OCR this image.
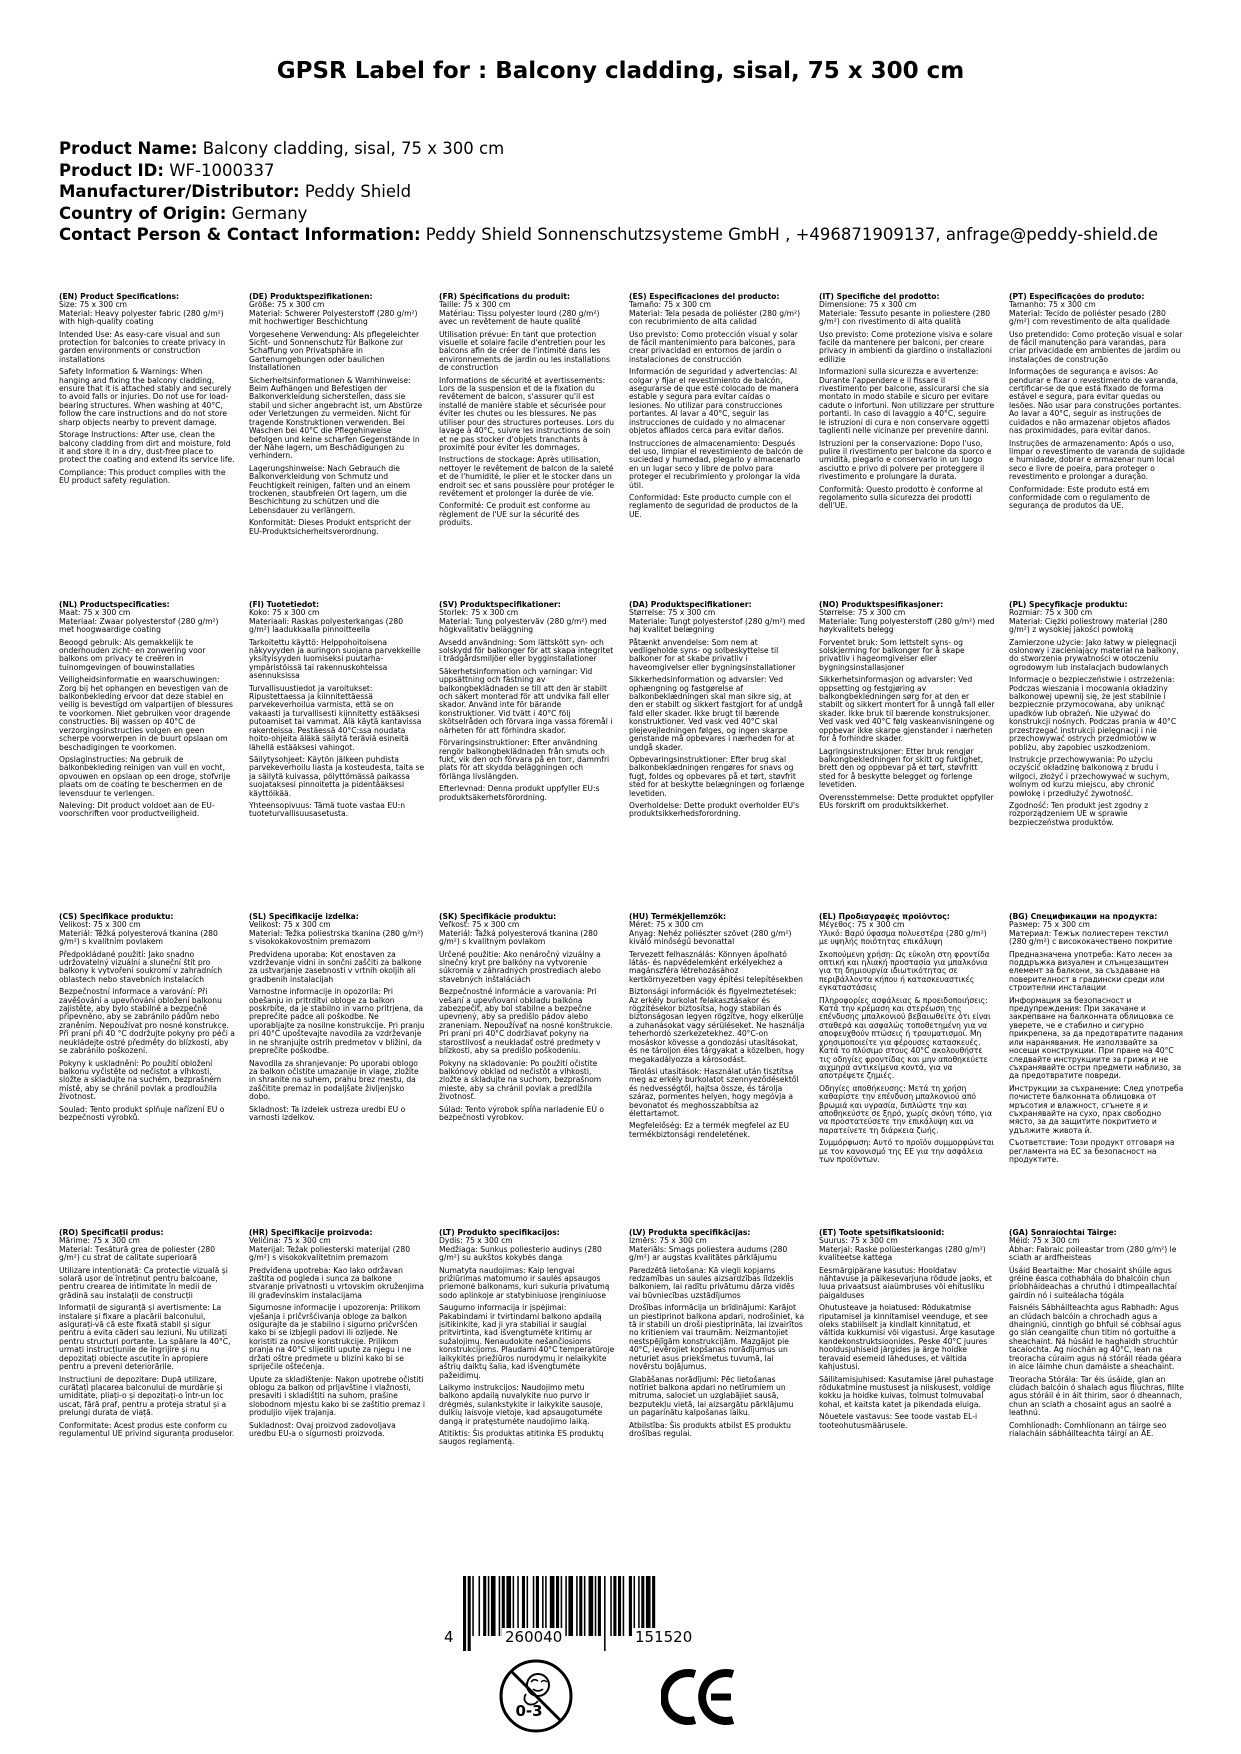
GPSR Label for : Balcony cladding, sisal, 75 x 300 cm
Product Name: Balcony cladding, sisal, 75 x 300 cm
Product ID: WF-1000337
Manufacturer/Distributor: Peddy Shield
Country of Origin: Germany
Contact Person & Contact Information: Peddy Shield Sonnenschutzsysteme GmbH , +496871909137, anfrage@peddy-shield.de
(EN) Product Specifications:
Size: 75 x 300 cm

Material: Heavy polyester fabric (280 g/m²) with high-quality coating

Intended Use: As easy-care visual and sun protection for balconies to create privacy in garden environments or construction installations

Safety Information & Warnings: When hanging and fixing the balcony cladding, ensure that it is attached stably and securely to avoid falls or injuries. Do not use for load-bearing structures. When washing at 40°C, follow the care instructions and do not store sharp objects nearby to prevent damage.

Storage Instructions: After use, clean the balcony cladding from dirt and moisture, fold it and store it in a dry, dust-free place to protect the coating and extend its service life.

Compliance: This product complies with the EU product safety regulation.

(DE) Produktspezifikationen:
Größe: 75 x 300 cm

Material: Schwerer Polyesterstoff (280 g/m²) mit hochwertiger Beschichtung

Vorgesehene Verwendung: Als pflegeleichter Sicht- und Sonnenschutz für Balkone zur Schaffung von Privatsphäre in Gartenumgebungen oder baulichen Installationen

Sicherheitsinformationen & Warnhinweise: Beim Aufhängen und Befestigen der Balkonverkleidung sicherstellen, dass sie stabil und sicher angebracht ist, um Abstürze oder Verletzungen zu vermeiden. Nicht für tragende Konstruktionen verwenden. Bei Waschen bei 40°C die Pflegehinweise befolgen und keine scharfen Gegenstände in der Nähe lagern, um Beschädigungen zu verhindern.

Lagerungshinweise: Nach Gebrauch die Balkonverkleidung von Schmutz und Feuchtigkeit reinigen, falten und an einem trockenen, staubfreien Ort lagern, um die Beschichtung zu schützen und die Lebensdauer zu verlängern.

Konformität: Dieses Produkt entspricht der EU-Produktsicherheitsverordnung.

(FR) Spécifications du produit:
Taille: 75 x 300 cm

Matériau: Tissu polyester lourd (280 g/m²) avec un revêtement de haute qualité

Utilisation prévue: En tant que protection visuelle et solaire facile d'entretien pour les balcons afin de créer de l'intimité dans les environnements de jardin ou les installations de construction

Informations de sécurité et avertissements: Lors de la suspension et de la fixation du revêtement de balcon, s'assurer qu'il est installé de manière stable et sécurisée pour éviter les chutes ou les blessures. Ne pas utiliser pour des structures porteuses. Lors du lavage à 40°C, suivre les instructions de soin et ne pas stocker d'objets tranchants à proximité pour éviter les dommages.

Instructions de stockage: Après utilisation, nettoyer le revêtement de balcon de la saleté et de l'humidité, le plier et le stocker dans un endroit sec et sans poussière pour protéger le revêtement et prolonger la durée de vie.

Conformité: Ce produit est conforme au règlement de l'UE sur la sécurité des produits.

(ES) Especificaciones del producto:
Tamaño: 75 x 300 cm

Material: Tela pesada de poliéster (280 g/m²) con recubrimiento de alta calidad

Uso previsto: Como protección visual y solar de fácil mantenimiento para balcones, para crear privacidad en entornos de jardín o instalaciones de construcción

Información de seguridad y advertencias: Al colgar y fijar el revestimiento de balcón, asegurarse de que esté colocado de manera estable y segura para evitar caídas o lesiones. No utilizar para construcciones portantes. Al lavar a 40°C, seguir las instrucciones de cuidado y no almacenar objetos afilados cerca para evitar daños.

Instrucciones de almacenamiento: Después del uso, limpiar el revestimiento de balcón de suciedad y humedad, plegarlo y almacenarlo en un lugar seco y libre de polvo para proteger el recubrimiento y prolongar la vida útil.

Conformidad: Este producto cumple con el reglamento de seguridad de productos de la UE.

(IT) Specifiche del prodotto:
Dimensione: 75 x 300 cm

Materiale: Tessuto pesante in poliestere (280 g/m²) con rivestimento di alta qualità

Uso previsto: Come protezione visiva e solare facile da mantenere per balconi, per creare privacy in ambienti da giardino o installazioni edilizie

Informazioni sulla sicurezza e avvertenze: Durante l'appendere e il fissare il rivestimento per balcone, assicurarsi che sia montato in modo stabile e sicuro per evitare cadute o infortuni. Non utilizzare per strutture portanti. In caso di lavaggio a 40°C, seguire le istruzioni di cura e non conservare oggetti taglienti nelle vicinanze per prevenire danni.

Istruzioni per la conservazione: Dopo l'uso, pulire il rivestimento per balcone da sporco e umidità, piegarlo e conservarlo in un luogo asciutto e privo di polvere per proteggere il rivestimento e prolungare la durata.

Conformità: Questo prodotto è conforme al regolamento sulla sicurezza dei prodotti dell'UE.

(PT) Especificações do produto:
Tamanho: 75 x 300 cm

Material: Tecido de poliéster pesado (280 g/m²) com revestimento de alta qualidade

Uso pretendido: Como proteção visual e solar de fácil manutenção para varandas, para criar privacidade em ambientes de jardim ou instalações de construção

Informações de segurança e avisos: Ao pendurar e fixar o revestimento de varanda, certificar-se de que está fixado de forma estável e segura, para evitar quedas ou lesões. Não usar para construções portantes. Ao lavar a 40°C, seguir as instruções de cuidados e não armazenar objetos afiados nas proximidades, para evitar danos.

Instruções de armazenamento: Após o uso, limpar o revestimento de varanda de sujidade e humidade, dobrar e armazenar num local seco e livre de poeira, para proteger o revestimento e prolongar a duração.

Conformidade: Este produto está em conformidade com o regulamento de segurança de produtos da UE.

(NL) Productspecificaties:
Maat: 75 x 300 cm

Materiaal: Zwaar polyesterstof (280 g/m²) met hoogwaardige coating

Beoogd gebruik: Als gemakkelijk te onderhouden zicht- en zonwering voor balkons om privacy te creëren in tuinomgevingen of bouwinstallaties

Veiligheidsinformatie en waarschuwingen: Zorg bij het ophangen en bevestigen van de balkonbekleding ervoor dat deze stabiel en veilig is bevestigd om valpartijen of blessures te voorkomen. Niet gebruiken voor dragende constructies. Bij wassen op 40°C de verzorgingsinstructies volgen en geen scherpe voorwerpen in de buurt opslaan om beschadigingen te voorkomen.

Opslaginstructies: Na gebruik de balkonbekleding reinigen van vuil en vocht, opvouwen en opslaan op een droge, stofvrije plaats om de coating te beschermen en de levensduur te verlengen.

Naleving: Dit product voldoet aan de EU-voorschriften voor productveiligheid.

(FI) Tuotetiedot:
Koko: 75 x 300 cm

Materiaali: Raskas polyesterkangas (280 g/m²) laadukkaalla pinnoitteella

Tarkoitettu käyttö: Helppohoitoisena näkyvyyden ja auringon suojana parvekkeille yksityisyyden luomiseksi puutarha-ympäristöissä tai rakennuskohteissa asennuksissa

Turvallisuustiedot ja varoitukset: Ripustettaessa ja kiinnitettäessä parvekeverhoilua varmista, että se on vakaasti ja turvallisesti kiinnitetty estääksesi putoamiset tai vammat. Älä käytä kantavissa rakenteissa. Pestäessä 40°C:ssa noudata hoito-ohjeita äläkä säilytä teräviä esineitä lähellä estääksesi vahingot.

Säilytysohjeet: Käytön jälkeen puhdista parvekeverhoilu liasta ja kosteudesta, taita se ja säilytä kuivassa, pölyttömässä paikassa suojataksesi pinnoitetta ja pidentääksesi käyttöikää.

Yhteensopivuus: Tämä tuote vastaa EU:n tuoteturvallisuusasetusta.

(SV) Produktspecifikationer:
Storlek: 75 x 300 cm

Material: Tung polyesterväv (280 g/m²) med högkvalitativ beläggning

Avsedd användning: Som lättskött syn- och solskydd för balkonger för att skapa integritet i trädgårdsmiljöer eller bygginstallationer

Säkerhetsinformation och varningar: Vid uppsättning och fästning av balkongbeklädnaden se till att den är stabilt och säkert monterad för att undvika fall eller skador. Använd inte för bärande konstruktioner. Vid tvätt i 40°C följ skötselråden och förvara inga vassa föremål i närheten för att förhindra skador.

Förvaringsinstruktioner: Efter användning rengör balkongbeklädnaden från smuts och fukt, vik den och förvara på en torr, dammfri plats för att skydda beläggningen och förlänga livslängden.

Efterlevnad: Denna produkt uppfyller EU:s produktsäkerhetsförordning.

(DA) Produktspecifikationer:
Størrelse: 75 x 300 cm

Materiale: Tungt polyesterstof (280 g/m²) med høj kvalitet belægning

Påtænkt anvendelse: Som nem at vedligeholde syns- og solbeskyttelse til balkoner for at skabe privatliv i haveomgivelser eller bygningsinstallationer

Sikkerhedsinformation og advarsler: Ved ophængning og fastgørelse af balkonbeklædningen skal man sikre sig, at den er stabilt og sikkert fastgjort for at undgå fald eller skader. Ikke brugt til bærende konstruktioner. Ved vask ved 40°C skal plejevejledningen følges, og ingen skarpe genstande må opbevares i nærheden for at undgå skader.

Opbevaringsinstruktioner: Efter brug skal balkonbeklædningen rengøres for snavs og fugt, foldes og opbevares på et tørt, støvfrit sted for at beskytte belægningen og forlænge levetiden.

Overholdelse: Dette produkt overholder EU's produktsikkerhedsforordning.

(NO) Produktspesifikasjoner:
Størrelse: 75 x 300 cm

Materiale: Tung polyesterstoff (280 g/m²) med høykvalitets belegg

Forventet bruk: Som lettstelt syns- og solskjerming for balkonger for å skape privatliv i hageomgivelser eller bygningsinstallasjoner

Sikkerhetsinformasjon og advarsler: Ved oppsetting og festgjøring av balkongbekledningen sørg for at den er stabilt og sikkert montert for å unngå fall eller skader. Ikke bruk til bærende konstruksjoner. Ved vask ved 40°C følg vaskeanvisningene og oppbevar ikke skarpe gjenstander i nærheten for å forhindre skader.

Lagringsinstruksjoner: Etter bruk rengjør balkongbekledningen for skitt og fuktighet, brett den og oppbevar på et tørt, støvfritt sted for å beskytte belegget og forlenge levetiden.

Overensstemmelse: Dette produktet oppfyller EUs forskrift om produktsikkerhet.

(PL) Specyfikacje produktu:
Rozmiar: 75 x 300 cm

Materiał: Ciężki poliestrowy materiał (280 g/m²) z wysokiej jakości powłoką

Zamierzone użycie: Jako łatwy w pielęgnacji osłonowy i zacieniający materiał na balkony, do stworzenia prywatności w otoczeniu ogrodowym lub instalacjach budowlanych

Informacje o bezpieczeństwie i ostrzeżenia: Podczas wieszania i mocowania okładziny balkonowej upewnij się, że jest stabilnie i bezpiecznie przymocowana, aby uniknąć upadków lub obrażeń. Nie używać do konstrukcji nośnych. Podczas prania w 40°C przestrzegać instrukcji pielęgnacji i nie przechowywać ostrych przedmiotów w pobliżu, aby zapobiec uszkodzeniom.

Instrukcje przechowywania: Po użyciu oczyścić okładzinę balkonową z brudu i wilgoci, złożyć i przechowywać w suchym, wolnym od kurzu miejscu, aby chronić powłokę i przedłużyć żywotność.

Zgodność: Ten produkt jest zgodny z rozporządzeniem UE w sprawie bezpieczeństwa produktów.

(CS) Specifikace produktu:
Velikost: 75 x 300 cm

Materiál: Těžká polyesterová tkanina (280 g/m²) s kvalitním povlakem

Předpokládané použití: Jako snadno udržovatelný vizuální a sluneční štít pro balkony k vytvoření soukromí v zahradních oblastech nebo stavebních instalacích

Bezpečnostní informace a varování: Při zavěšování a upevňování obložení balkonu zajistěte, aby bylo stabilně a bezpečně připevněno, aby se zabránilo pádům nebo zraněním. Nepoužívat pro nosné konstrukce. Při praní při 40 °C dodržujte pokyny pro péči a neukládejte ostré předměty do blízkosti, aby se zabránilo poškození.

Pokyny k uskladnění: Po použití obložení balkonu vyčistěte od nečistot a vlhkosti, složte a skladujte na suchém, bezprašném místě, aby se chránil povlak a prodloužila životnost.

Soulad: Tento produkt splňuje nařízení EU o bezpečnosti výrobků.

(SL) Specifikacije izdelka:
Velikost: 75 x 300 cm

Material: Težka poliestrska tkanina (280 g/m²) s visokokakovostnim premazom

Predvidena uporaba: Kot enostaven za vzdrževanje vidni in sončni zaščiti za balkone za ustvarjanje zasebnosti v vrtnih okoljih ali gradbenih instalacijah

Varnostne informacije in opozorila: Pri obešanju in pritrditvi obloge za balkon poskrbite, da je stabilno in varno pritrjena, da preprečite padce ali poškodbe. Ne uporabljajte za nosilne konstrukcije. Pri pranju pri 40°C upoštevajte navodila za vzdrževanje in ne shranjujte ostrih predmetov v bližini, da preprečite poškodbe.

Navodila za shranjevanje: Po uporabi oblogo za balkon očistite umazanije in vlage, zložite in shranite na suhem, prahu brez mestu, da zaščitite premaz in podaljšate življenjsko dobo.

Skladnost: Ta izdelek ustreza uredbi EU o varnosti izdelkov.

(SK) Špecifikácie produktu:
Veľkosť: 75 x 300 cm

Materiál: Ťažká polyesterová tkanina (280 g/m²) s kvalitným povlakom

Určené použitie: Ako nenáročný vizuálny a slnečný kryt pre balkóny na vytvorenie súkromia v záhradných prostrediach alebo stavebných inštaláciách

Bezpečnostné informácie a varovania: Pri vešaní a upevňovaní obkladu balkóna zabezpečiť, aby bol stabilne a bezpečne upevnený, aby sa predišlo pádov alebo zraneniam. Nepoužívať na nosné konštrukcie. Pri praní pri 40°C dodržiavať pokyny na starostlivosť a neukladať ostré predmety v blízkosti, aby sa predišlo poškodeniu.

Pokyny na skladovanie: Po použití očistite balkónový obklad od nečistôt a vlhkosti, zložte a skladujte na suchom, bezprašnom mieste, aby sa chránil povlak a predĺžila životnosť.

Súlad: Tento výrobok spĺňa nariadenie EÚ o bezpečnosti výrobkov.

(HU) Termékjellemzők:
Méret: 75 x 300 cm

Anyag: Nehéz poliészter szövet (280 g/m²) kiváló minőségű bevonattal

Tervezett felhasználás: Könnyen ápolható látás- és napvédelemként erkélyekhez a magánszféra létrehozásához kertkörnyezetben vagy építési telepítésekben

Biztonsági információk és figyelmeztetések: Az erkély burkolat felakasztásakor és rögzítésekor biztosítsa, hogy stabilan és biztonságosan legyen rögzítve, hogy elkerülje a zuhanásokat vagy sérüléseket. Ne használja teherhordó szerkezetekhez. 40°C-on mosáskor kövesse a gondozási utasításokat, és ne tároljon éles tárgyakat a közelben, hogy megakadályozza a károsodást.

Tárolási utasítások: Használat után tisztítsa meg az erkély burkolatot szennyeződésektől és nedvességtől, hajtsa össze, és tárolja száraz, pormentes helyen, hogy megóvja a bevonatot és meghosszabbítsa az élettartamot.

Megfelelőség: Ez a termék megfelel az EU termékbiztonsági rendeletének.

(EL) Προδιαγραφές προϊόντος:
Μέγεθος: 75 x 300 cm

Υλικό: Βαρύ ύφασμα πολυεστέρα (280 g/m²) με υψηλής ποιότητας επικάλυψη

Σκοπούμενη χρήση: Ως εύκολη στη φροντίδα οπτική και ηλιακή προστασία για μπαλκόνια για τη δημιουργία ιδιωτικότητας σε περιβάλλοντα κήπου ή κατασκευαστικές εγκαταστάσεις

Πληροφορίες ασφάλειας & προειδοποιήσεις: Κατά την κρέμαση και στερέωση της επένδυσης μπαλκονιού βεβαιωθείτε ότι είναι σταθερά και ασφαλώς τοποθετημένη για να αποφευχθούν πτώσεις ή τραυματισμοί. Μη χρησιμοποιείτε για φέρουσες κατασκευές. Κατά το πλύσιμο στους 40°C ακολουθήστε τις οδηγίες φροντίδας και μην αποθηκεύετε αιχμηρά αντικείμενα κοντά, για να αποτρέψετε ζημιές.

Οδηγίες αποθήκευσης: Μετά τη χρήση καθαρίστε την επένδυση μπαλκονιού από βρωμιά και υγρασία, διπλώστε την και αποθηκεύστε σε ξηρό, χωρίς σκόνη τόπο, για να προστατεύσετε την επικάλυψη και να παρατείνετε τη διάρκεια ζωής.

Συμμόρφωση: Αυτό το προϊόν συμμορφώνεται με τον κανονισμό της ΕΕ για την ασφάλεια των προϊόντων.

(BG) Спецификации на продукта:
Размер: 75 x 300 cm

Материал: Тежък полиестерен текстил (280 g/m²) с висококачествено покритие

Предназначена употреба: Като лесен за поддръжка визуален и слънцезащитен елемент за балкони, за създаване на поверителност в градински среди или строителни инсталации

Информация за безопасност и предупреждения: При закачане и закрепване на балконната облицовка се уверете, че е стабилно и сигурно прикрепена, за да предотвратите падания или наранявания. Не използвайте за носещи конструкции. При пране на 40°C следвайте инструкциите за грижа и не съхранявайте остри предмети наблизо, за да предотвратите повреди.

Инструкции за съхранение: След употреба почистете балконната облицовка от мръсотия и влажност, сгънете я и съхранявайте на сухо, прах свободно място, за да защитите покритието и удължите живота ѝ.

Съответствие: Този продукт отговаря на регламента на ЕС за безопасност на продуктите.

(RO) Specificații produs:
Mărime: 75 x 300 cm

Material: Țesătură grea de poliester (280 g/m²) cu strat de calitate superioară

Utilizare intenționată: Ca protecție vizuală și solară ușor de întreținut pentru balcoane, pentru crearea de intimitate în medii de grădină sau instalații de construcții

Informații de siguranță și avertismente: La instalare și fixare a placării balconului, asigurați-vă că este fixată stabil și sigur pentru a evita căderi sau leziuni. Nu utilizați pentru structuri portante. La spălare la 40°C, urmați instrucțiunile de îngrijire și nu depozitați obiecte ascuțite în apropiere pentru a preveni deteriorările.

Instrucțiuni de depozitare: După utilizare, curățați placarea balconului de murdărie și umiditate, pliați-o și depozitați-o într-un loc uscat, fără praf, pentru a proteja stratul și a prelungi durata de viață.

Conformitate: Acest produs este conform cu regulamentul UE privind siguranța produselor.

(HR) Specifikacije proizvoda:
Veličina: 75 x 300 cm

Materijal: Težak poliesterski materijal (280 g/m²) s visokokvalitetnim premazom

Predviđena upotreba: Kao lako održavan zaštita od pogleda i sunca za balkone stvaranje privatnosti u vrtovskim okruženjima ili građevinskim instalacijama

Sigurnosne informacije i upozorenja: Prilikom vješanja i pričvršćivanja obloge za balkon osigurajte da je stabilno i sigurno pričvršćen kako bi se izbjegli padovi ili ozljede. Ne koristiti za nosive konstrukcije. Prilikom pranja na 40°C slijediti upute za njegu i ne držati oštre predmete u blizini kako bi se spriječile oštećenja.

Upute za skladištenje: Nakon upotrebe očistiti oblogu za balkon od prljavštine i vlažnosti, presaviti i skladištiti na suhom, prašine slobodnom mjestu kako bi se zaštitio premaz i produljio vijek trajanja.

Sukladnost: Ovaj proizvod zadovoljava uredbu EU-a o sigurnosti proizvoda.

(LT) Produkto specifikacijos:
Dydis: 75 x 300 cm

Medžiaga: Sunkus poliesterio audinys (280 g/m²) su aukštos kokybės danga

Numatyta naudojimas: Kaip lengvai prižiūrimas matomumo ir saulės apsaugos priemonė balkonams, kuri sukuria privatumą sodo aplinkoje ar statybiniuose įrenginiuose

Saugumo informacija ir įspėjimai: Pakabindami ir tvirtindami balkono apdailą įsitikinkite, kad ji yra stabiliai ir saugiai pritvirtinta, kad išvengtumėte kritimų ar sužalojimų. Nenaudokite nešančiosioms konstrukcijoms. Plaudami 40°C temperatūroje laikykitės priežiūros nurodymų ir nelaikykite aštrių daiktų šalia, kad išvengtumėte pažeidimų.

Laikymo instrukcijos: Naudojimo metu balkono apdailą nuvalykite nuo purvo ir drėgmės, sulankstykite ir laikykite sausoje, dulkių laisvoje vietoje, kad apsaugotumėte dangą ir pratęstumėte naudojimo laiką.

Atitiktis: Šis produktas atitinka ES produktų saugos reglamentą.

(LV) Produkta specifikācijas:
Izmērs: 75 x 300 cm

Materiāls: Smags poliestera audums (280 g/m²) ar augstas kvalitātes pārklājumu

Paredzētā lietošana: Kā viegli kopjams redzamības un saules aizsardzības līdzeklis balkoniem, lai radītu privātumu dārza vidēs vai būvniecības uzstādījumos

Drošības informācija un brīdinājumi: Karājot un piestiprinot balkona apdari, nodrošiniet, ka tā ir stabili un droši piestiprināta, lai izvairītos no kritieniem vai traumām. Neizmantojiet nestspējīgām konstrukcijām. Mazgājot pie 40°C, ievērojiet kopšanas norādījumus un neturiet asus priekšmetus tuvumā, lai novērstu bojājumus.

Glabāšanas norādījumi: Pēc lietošanas notīriet balkona apdari no netīrumiem un mitruma, salociet un uzglabājiet sausā, bezputekļu vietā, lai aizsargātu pārklājumu un pagarinātu kalpošanas laiku.

Atbilstība: Šis produkts atbilst ES produktu drošības regulai.

(ET) Toote spetsifikatsioonid:
Suurus: 75 x 300 cm

Materjal: Raske polüesterkangas (280 g/m²) kvaliteetse kattega

Eesmärgipärane kasutus: Hooldatav nähtavuse ja päikesevarjuna rõdude jaoks, et luua privaatsust aiaümbruses või ehitusliku paigalduses

Ohutusteave ja hoiatused: Rõdukatmise riputamisel ja kinnitamisel veenduge, et see oleks stabiilselt ja kindlalt kinnitatud, et vältida kukkumisi või vigastusi. Ärge kasutage kandekonstruktsioonides. Peske 40°C juures hooldusjuhiseid järgides ja ärge hoidke teravaid esemeid läheduses, et vältida kahjustusi.

Säilitamisjuhised: Kasutamise järel puhastage rõdukatmine mustusest ja niiskusest, voldige kokku ja hoidke kuivas, tolmust tolmuvabal kohal, et kaitsta katet ja pikendada eluiga.

Nõuetele vastavus: See toode vastab EL-i tooteohutusmäärusele.

(GA) Sonraíochtaí Táirge:
Méid: 75 x 300 cm

Ábhar: Fabraic poileastar trom (280 g/m²) le sciath ar ardfheisteas

Úsáid Beartaithe: Mar chosaint shúile agus gréine éasca cothabhála do bhalcóin chun príobháideachas a chruthú i dtimpeallachtaí gairdín nó i suiteálacha tógála

Faisnéis Sábháilteachta agus Rabhadh: Agus an clúdach balcóin a chrochadh agus a dhaingniú, cinntigh go bhfuil sé cobhsaí agus go slán ceangailte chun titim nó gortuithe a sheachaint. Ná húsáid le haghaidh struchtúr tacaíochta. Ag níochán ag 40°C, lean na treoracha cúraim agus ná stóráil réada géara in aice láimhe chun damáiste a sheachaint.

Treoracha Stórála: Tar éis úsáide, glan an clúdach balcóin ó shalach agus fliuchras, fillte agus stóráil é in áit thirim, saor ó dheannach, chun an sciath a chosaint agus an saolré a leathnú.

Comhlíonadh: Comhlíonann an táirge seo rialacháin sábháilteachta táirgí an AE.

4	260040	151520
0-3
